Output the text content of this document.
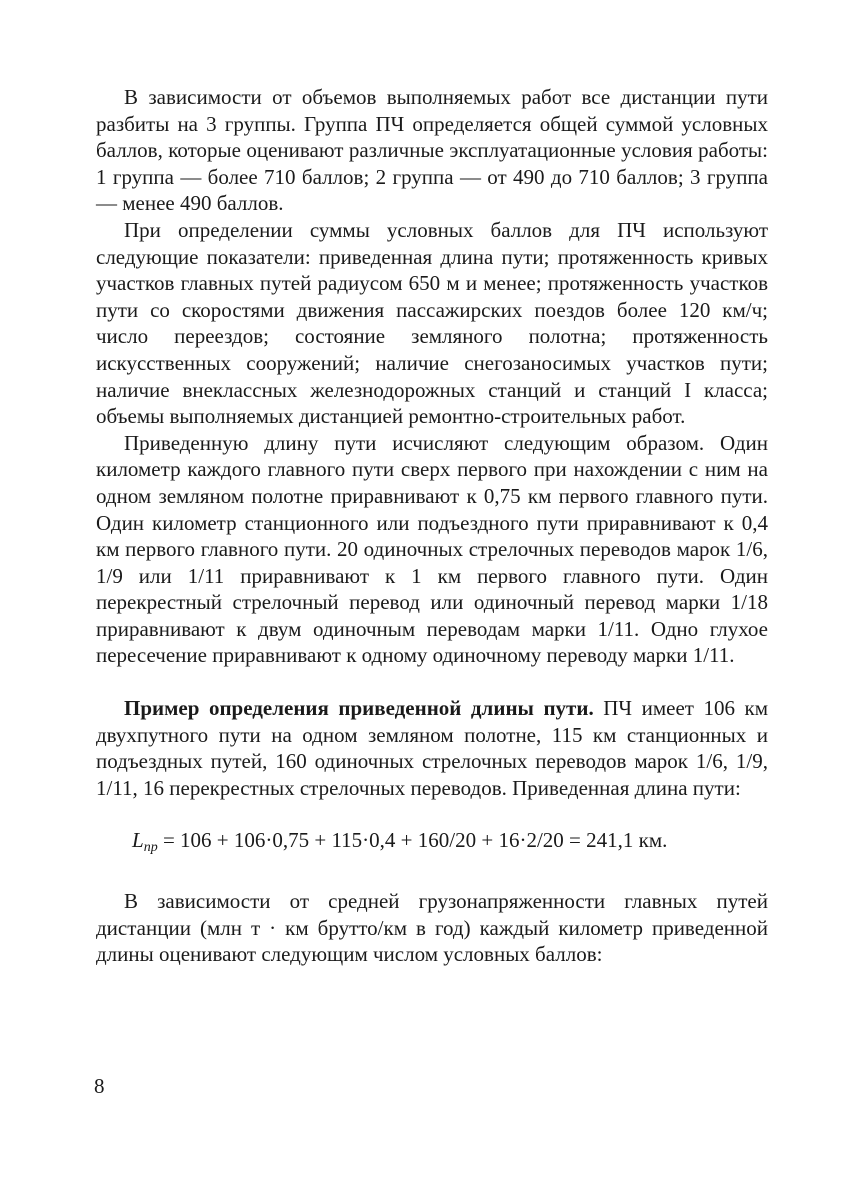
В зависимости от объемов выполняемых работ все дистанции пути разбиты на 3 группы. Группа ПЧ определяется общей суммой условных баллов, которые оценивают различные эксплуатационные условия работы: 1 группа — более 710 баллов; 2 группа — от 490 до 710 баллов; 3 группа — менее 490 баллов.

При определении суммы условных баллов для ПЧ используют следующие показатели: приведенная длина пути; протяженность кривых участков главных путей радиусом 650 м и менее; протяженность участков пути со скоростями движения пассажирских поездов более 120 км/ч; число переездов; состояние земляного полотна; протяженность искусственных сооружений; наличие снегозаносимых участков пути; наличие внеклассных железнодорожных станций и станций I класса; объемы выполняемых дистанцией ремонтно-строительных работ.

Приведенную длину пути исчисляют следующим образом. Один километр каждого главного пути сверх первого при нахождении с ним на одном земляном полотне приравнивают к 0,75 км первого главного пути. Один километр станционного или подъездного пути приравнивают к 0,4 км первого главного пути. 20 одиночных стрелочных переводов марок 1/6, 1/9 или 1/11 приравнивают к 1 км первого главного пути. Один перекрестный стрелочный перевод или одиночный перевод марки 1/18 приравнивают к двум одиночным переводам марки 1/11. Одно глухое пересечение приравнивают к одному одиночному переводу марки 1/11.

Пример определения приведенной длины пути. ПЧ имеет 106 км двухпутного пути на одном земляном полотне, 115 км станционных и подъездных путей, 160 одиночных стрелочных переводов марок 1/6, 1/9, 1/11, 16 перекрестных стрелочных переводов. Приведенная длина пути:

$L_{пр} = 106 + 106\cdot 0,75 + 115\cdot 0,4 + 160/20 + 16\cdot 2/20 = 241,1$ км.

В зависимости от средней грузонапряженности главных путей дистанции (млн т · км брутто/км в год) каждый километр приведенной длины оценивают следующим числом условных баллов:

8
